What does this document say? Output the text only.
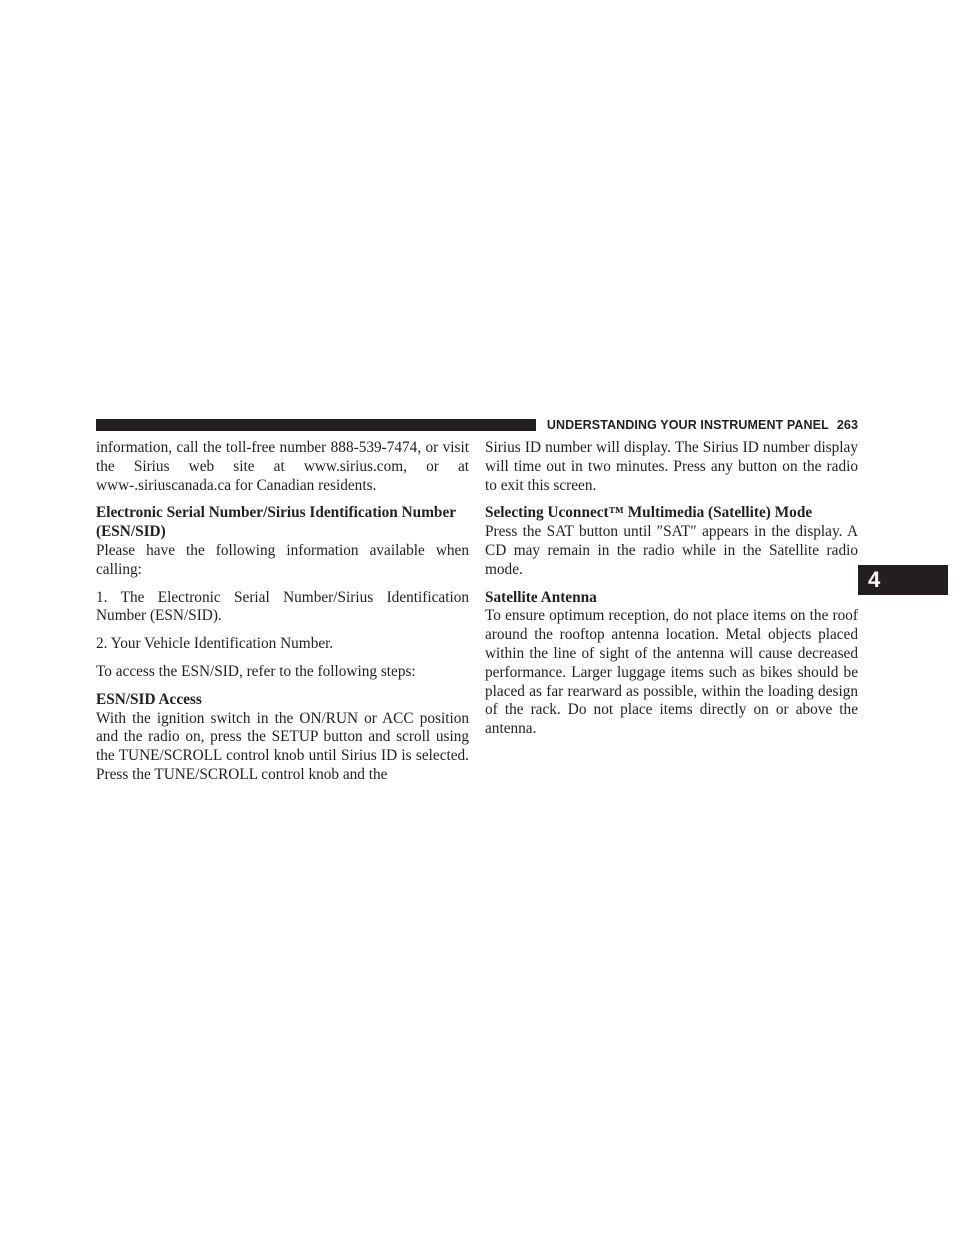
UNDERSTANDING YOUR INSTRUMENT PANEL 263
4

information, call the toll-free number 888-539-7474, or visit the Sirius web site at www.sirius.com, or at www-.siriuscanada.ca for Canadian residents.

Electronic Serial Number/Sirius Identification Number (ESN/SID)

Please have the following information available when calling:

1. The Electronic Serial Number/Sirius Identification Number (ESN/SID).

2. Your Vehicle Identification Number.

To access the ESN/SID, refer to the following steps:

ESN/SID Access

With the ignition switch in the ON/RUN or ACC position and the radio on, press the SETUP button and scroll using the TUNE/SCROLL control knob until Sirius ID is selected. Press the TUNE/SCROLL control knob and the

Sirius ID number will display. The Sirius ID number display will time out in two minutes. Press any button on the radio to exit this screen.

Selecting Uconnect™ Multimedia (Satellite) Mode

Press the SAT button until ″SAT″ appears in the display. A CD may remain in the radio while in the Satellite radio mode.

Satellite Antenna

To ensure optimum reception, do not place items on the roof around the rooftop antenna location. Metal objects placed within the line of sight of the antenna will cause decreased performance. Larger luggage items such as bikes should be placed as far rearward as possible, within the loading design of the rack. Do not place items directly on or above the antenna.
